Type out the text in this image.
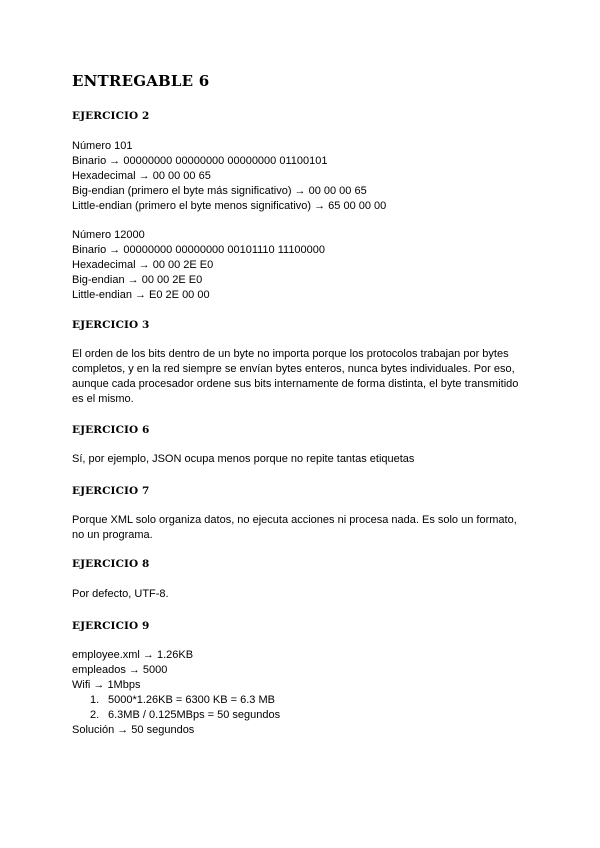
ENTREGABLE 6
EJERCICIO 2
Número 101
Binario → 00000000 00000000 00000000 01100101
Hexadecimal → 00 00 00 65
Big-endian (primero el byte más significativo) → 00 00 00 65
Little-endian (primero el byte menos significativo) → 65 00 00 00
Número 12000
Binario → 00000000 00000000 00101110 11100000
Hexadecimal → 00 00 2E E0
Big-endian → 00 00 2E E0
Little-endian → E0 2E 00 00
EJERCICIO 3
El orden de los bits dentro de un byte no importa porque los protocolos trabajan por bytes completos, y en la red siempre se envían bytes enteros, nunca bytes individuales. Por eso, aunque cada procesador ordene sus bits internamente de forma distinta, el byte transmitido es el mismo.
EJERCICIO 6
Sí, por ejemplo, JSON ocupa menos porque no repite tantas etiquetas
EJERCICIO 7
Porque XML solo organiza datos, no ejecuta acciones ni procesa nada. Es solo un formato, no un programa.
EJERCICIO 8
Por defecto, UTF-8.
EJERCICIO 9
employee.xml → 1.26KB
empleados → 5000
Wifi → 1Mbps
1. 5000*1.26KB = 6300 KB = 6.3 MB
2. 6.3MB / 0.125MBps = 50 segundos
Solución → 50 segundos
